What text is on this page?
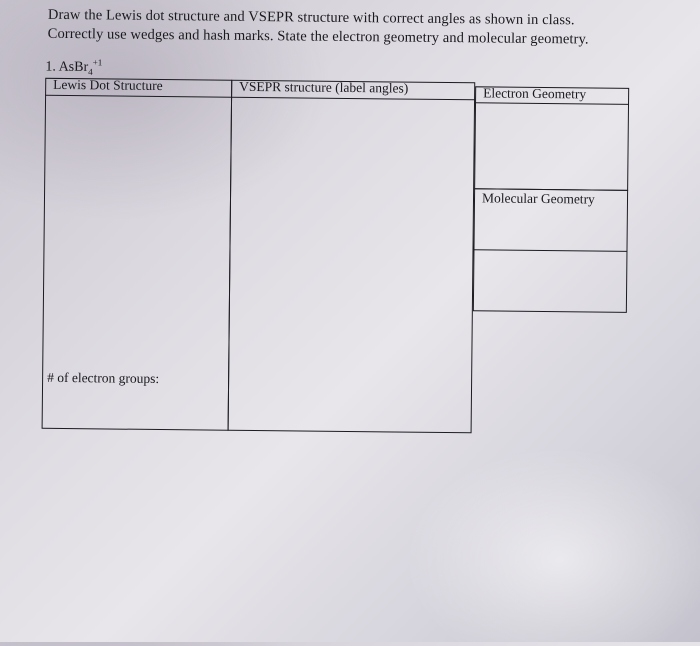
Draw the Lewis dot structure and VSEPR structure with correct angles as shown in class.
Correctly use wedges and hash marks. State the electron geometry and molecular geometry.
1. AsBr$_4^{+1}$
Lewis Dot Structure
# of electron groups:
VSEPR structure (label angles)	Electron Geometry
Molecular Geometry
